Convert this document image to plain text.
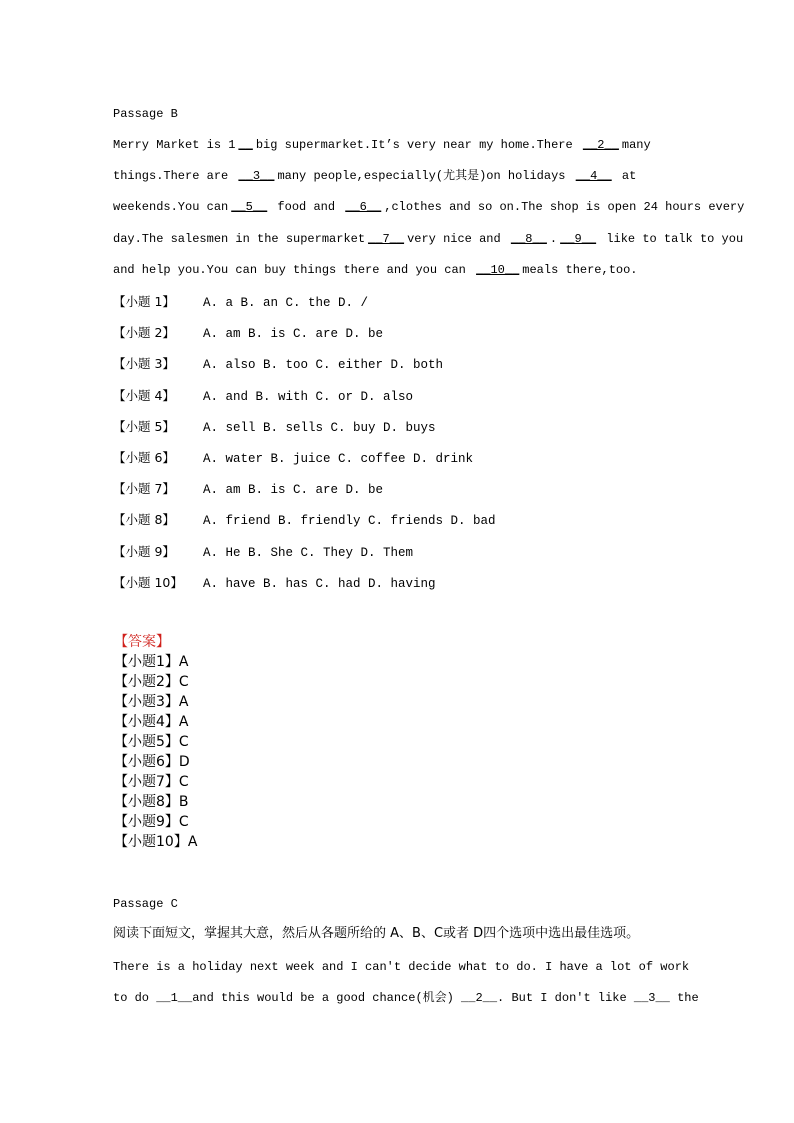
Passage B
Merry Market is 1 __ big supermarket.It’s very near my home.There __2__ many
things.There are __3__ many people,especially(尤其是)on holidays __4__ at
weekends.You can __5__ food and __6__ ,clothes and so on.The shop is open 24 hours every
day.The salesmen in the supermarket __7__ very nice and __8__ . __9__ like to talk to you
and help you.You can buy things there and you can __10__ meals there,too.
【小题 1】 A. a B. an C. the D. /
【小题 2】 A. am B. is C. are D. be
【小题 3】 A. also B. too C. either D. both
【小题 4】 A. and B. with C. or D. also
【小题 5】 A. sell B. sells C. buy D. buys
【小题 6】 A. water B. juice C. coffee D. drink
【小题 7】 A. am B. is C. are D. be
【小题 8】 A. friend B. friendly C. friends D. bad
【小题 9】 A. He B. She C. They D. Them
【小题 10】 A. have B. has C. had D. having
【答案】
【小题1】A
【小题2】C
【小题3】A
【小题4】A
【小题5】C
【小题6】D
【小题7】C
【小题8】B
【小题9】C
【小题10】A
Passage C
阅读下面短文，掌握其大意，然后从各题所给的 A、B、C或者 D四个选项中选出最佳选项。
There is a holiday next week and I can't decide what to do. I have a lot of work
to do __1__and this would be a good chance(机会) __2__. But I don't like __3__ the
